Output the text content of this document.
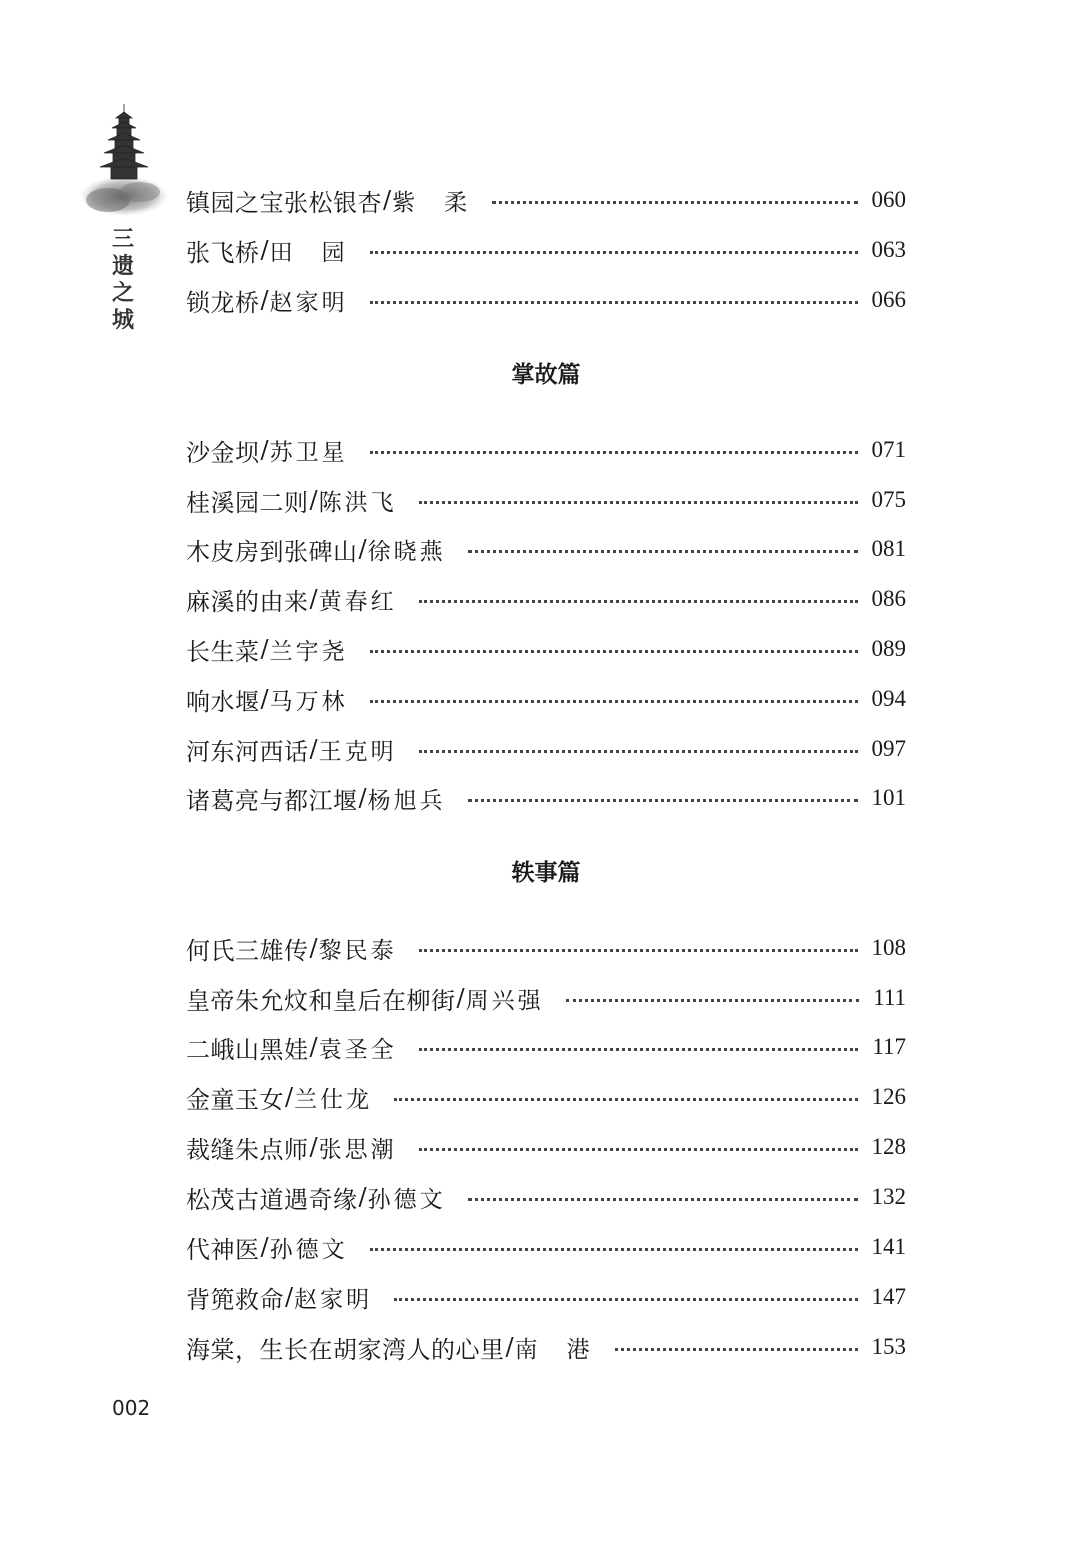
三
遗
之
城
镇园之宝张松银杏 / 紫　柔	060
张飞桥 / 田　园	063
锁龙桥 / 赵家明	066
掌故篇
沙金坝 / 苏卫星	071
桂溪园二则 / 陈洪飞	075
木皮房到张碑山 / 徐晓燕	081
麻溪的由来 / 黄春红	086
长生菜 / 兰宇尧	089
响水堰 / 马万林	094
河东河西话 / 王克明	097
诸葛亮与都江堰 / 杨旭兵	101
轶事篇
何氏三雄传 / 黎民泰	108
皇帝朱允炆和皇后在柳街 / 周兴强	111
二峨山黑娃 / 袁圣全	117
金童玉女 / 兰仕龙	126
裁缝朱点师 / 张思潮	128
松茂古道遇奇缘 / 孙德文	132
代神医 / 孙德文	141
背篼救命 / 赵家明	147
海棠，生长在胡家湾人的心里 / 南　港	153
002
